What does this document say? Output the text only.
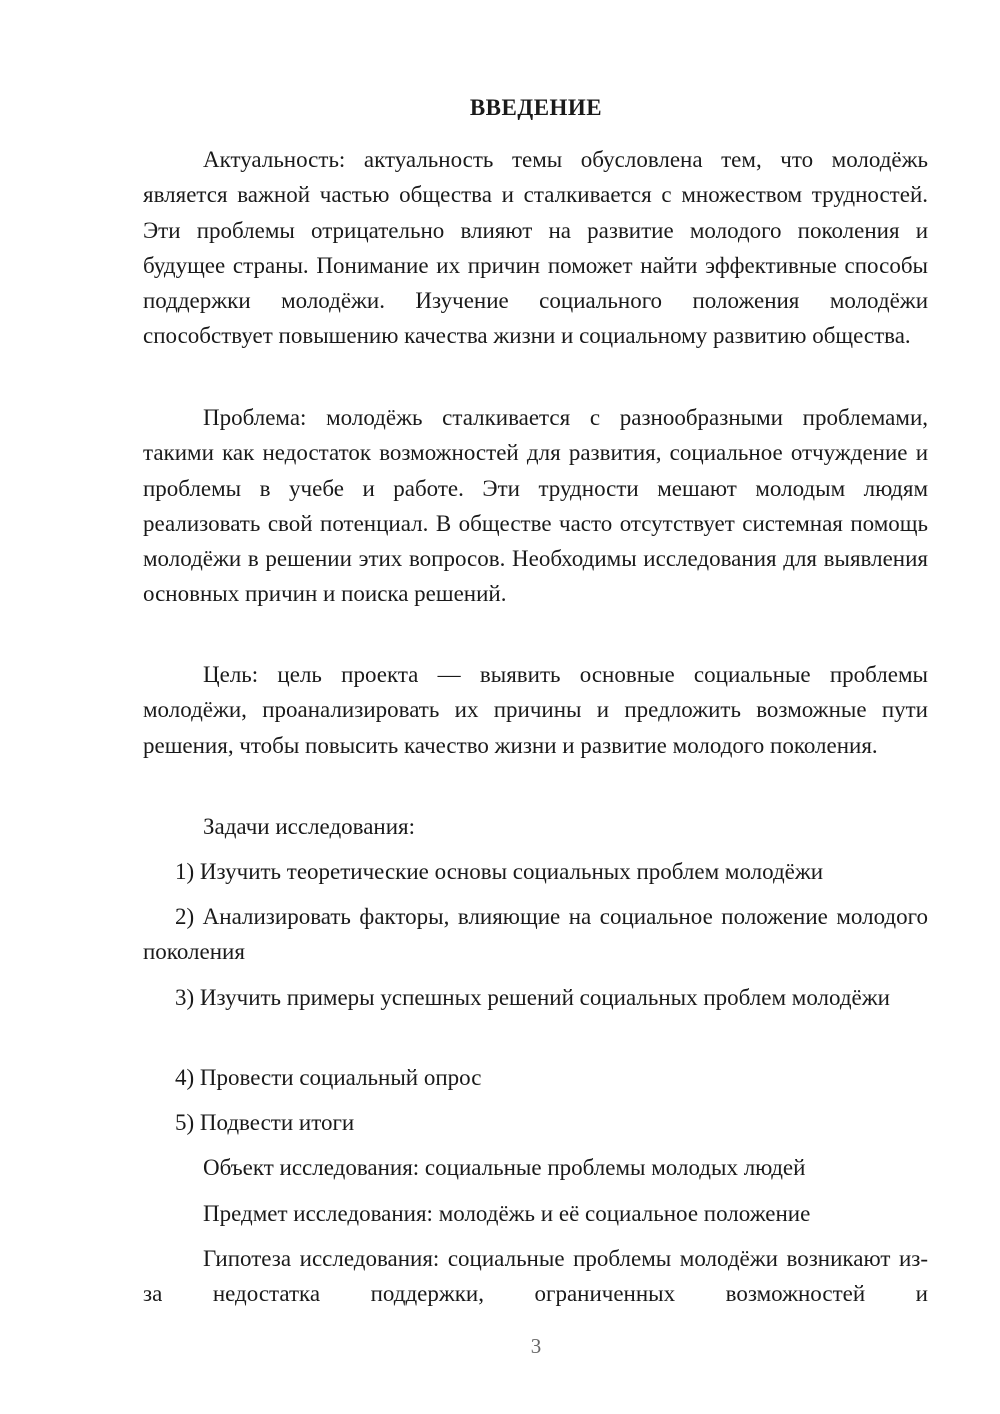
ВВЕДЕНИЕ

Актуальность: актуальность темы обусловлена тем, что молодёжь является важной частью общества и сталкивается с множеством трудностей. Эти проблемы отрицательно влияют на развитие молодого поколения и будущее страны. Понимание их причин поможет найти эффективные способы поддержки молодёжи. Изучение социального положения молодёжи способствует повышению качества жизни и социальному развитию общества.

Проблема: молодёжь сталкивается с разнообразными проблемами, такими как недостаток возможностей для развития, социальное отчуждение и проблемы в учебе и работе. Эти трудности мешают молодым людям реализовать свой потенциал. В обществе часто отсутствует системная помощь молодёжи в решении этих вопросов. Необходимы исследования для выявления основных причин и поиска решений.

Цель: цель проекта — выявить основные социальные проблемы молодёжи, проанализировать их причины и предложить возможные пути решения, чтобы повысить качество жизни и развитие молодого поколения.

Задачи исследования:

1) Изучить теоретические основы социальных проблем молодёжи

2) Анализировать факторы, влияющие на социальное положение молодого поколения

3) Изучить примеры успешных решений социальных проблем молодёжи

4) Провести социальный опрос

5) Подвести итоги

Объект исследования: социальные проблемы молодых людей

Предмет исследования: молодёжь и её социальное положение

Гипотеза исследования: социальные проблемы молодёжи возникают из-за недостатка поддержки, ограниченных возможностей и

3
